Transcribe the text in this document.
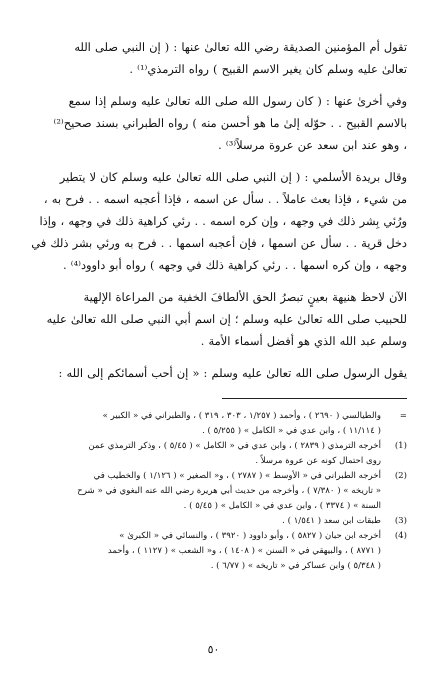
تقول أم المؤمنين الصديقة رضي الله تعالىٰ عنها : ( إن النبي صلى الله
تعالىٰ عليه وسلم كان يغير الاسم القبيح ) رواه الترمذي⁽¹⁾ .
وفي أخرىٰ عنها : ( كان رسول الله صلى الله تعالىٰ عليه وسلم إذا سمع
بالاسم القبيح . . حوّله إلىٰ ما هو أحسن منه ) رواه الطبراني بسند صحيح⁽²⁾
، وهو عند ابن سعد عن عروة مرسلاً⁽³⁾ .
وقال بريدة الأسلمي : ( إن النبي صلى الله تعالىٰ عليه وسلم كان لا يتطير
من شيء ، فإذا بعث عاملاً . . سأل عن اسمه ، فإذا أعجبه اسمه . . فرح به ،
ورُئي بِشر ذلك في وجهه ، وإن كره اسمه . . رئي كراهية ذلك في وجهه ، وإذا
دخل قرية . . سأل عن اسمها ، فإن أعجبه اسمها . . فرح به ورئي بشر ذلك في
وجهه ، وإن كره اسمها . . رئي كراهية ذلك في وجهه ) رواه أبو داوود⁽⁴⁾ .
الآن لاحظ هنيهة بعينٍ تبصرُ الحق الألطافَ الخفية من المراعاة الإلهية
للحبيب صلى الله تعالىٰ عليه وسلم ؛ إن اسم أبي النبي صلى الله تعالىٰ عليه
وسلم عبد الله الذي هو أفضل أسماء الأمة .
يقول الرسول صلى الله تعالىٰ عليه وسلم : « إن أحب أسمائكم إلى الله :
=
والطيالسي ( ٢٦٩٠ ) ، وأحمد ( ١/٢٥٧ ، ٣٠٣ ، ٣١٩ ) ، والطبراني في « الكبير »
( ١١/١١٤ ) ، وابن عدي في « الكامل » ( ٥/٢٥٥ ) .
(1)
أخرجه الترمذي ( ٢٨٣٩ ) ، وابن عدي في « الكامل » ( ٥/٤٥ ) ، وذكر الترمذي عمن
روى احتمال كونه عن عروة مرسلاً .
(2)
أخرجه الطبراني في « الأوسط » ( ٢٧٨٧ ) ، و« الصغير » ( ١/١٢٦ ) والخطيب في
« تاريخه » ( ٧/٣٨٠ ) ، وأخرجه من حديث أبي هريرة رضي الله عنه البغوي في « شرح
السنة » ( ٣٣٧٤ ) ، وابن عدي في « الكامل » ( ٥/٤٥ ) .
(3)
طبقات ابن سعد ( ١/٥٤١ ) .
(4)
أخرجه ابن حبان ( ٥٨٢٧ ) ، وأبو داوود ( ٣٩٢٠ ) ، والنسائي في « الكبرىٰ »
( ٨٧٧١ ) ، والبيهقي في « السنن » ( ١٤٠٨ ) ، و« الشعب » ( ١١٢٧ ) ، وأحمد
( ٥/٣٤٨ ) وابن عساكر في « تاريخه » ( ٦/٧٧ ) .
٥٠
